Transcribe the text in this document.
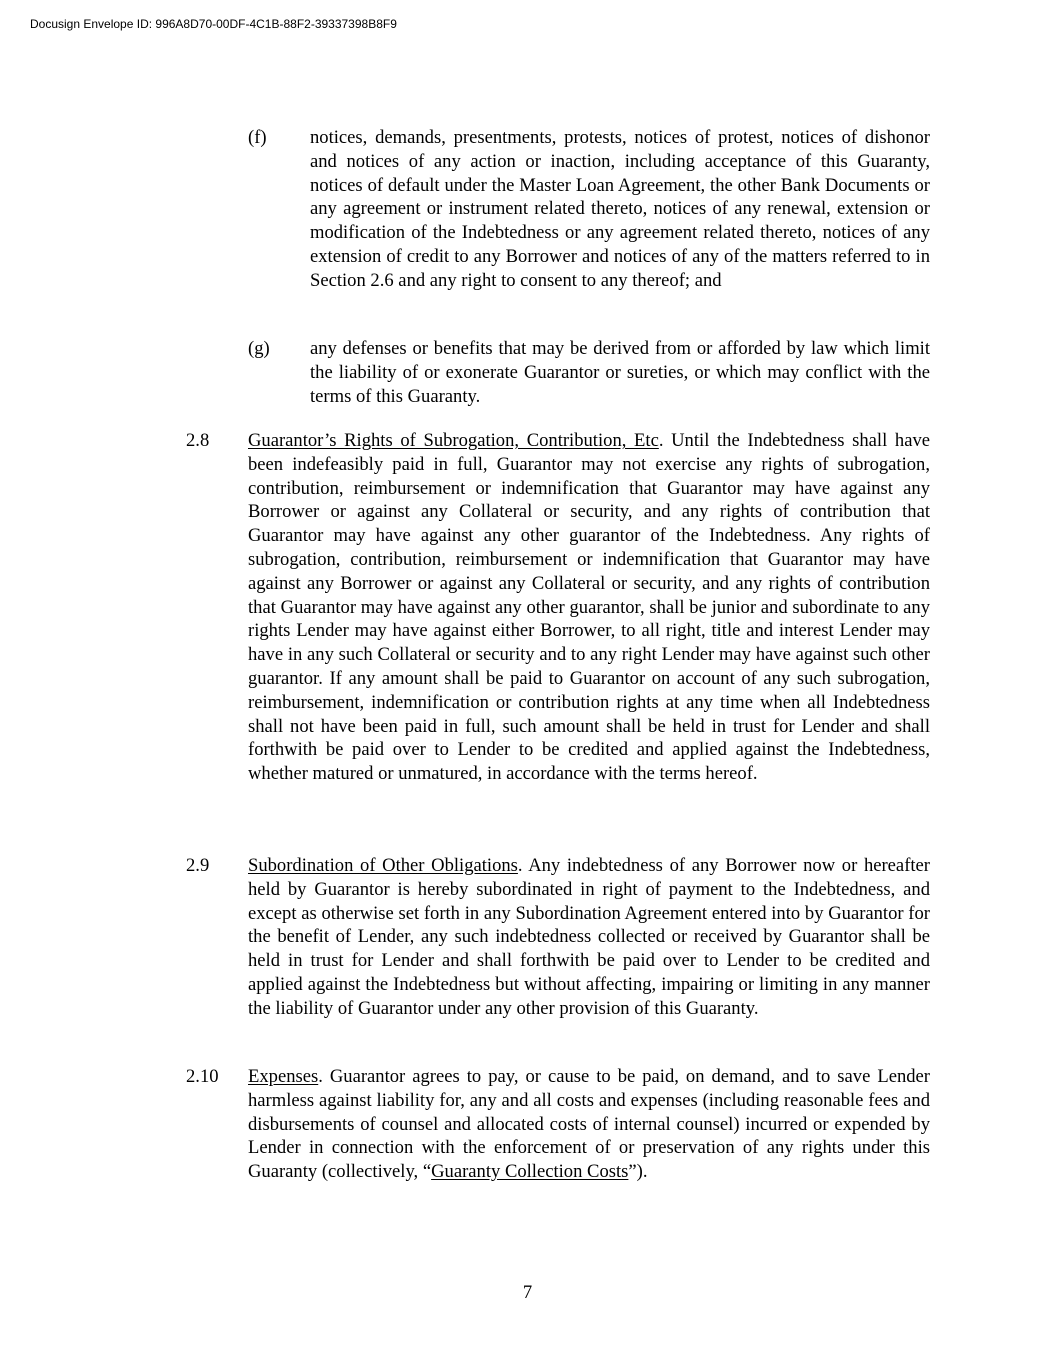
Docusign Envelope ID: 996A8D70-00DF-4C1B-88F2-39337398B8F9
(f) notices, demands, presentments, protests, notices of protest, notices of dishonor and notices of any action or inaction, including acceptance of this Guaranty, notices of default under the Master Loan Agreement, the other Bank Documents or any agreement or instrument related thereto, notices of any renewal, extension or modification of the Indebtedness or any agreement related thereto, notices of any extension of credit to any Borrower and notices of any of the matters referred to in Section 2.6 and any right to consent to any thereof; and
(g) any defenses or benefits that may be derived from or afforded by law which limit the liability of or exonerate Guarantor or sureties, or which may conflict with the terms of this Guaranty.
2.8 Guarantor’s Rights of Subrogation, Contribution, Etc. Until the Indebtedness shall have been indefeasibly paid in full, Guarantor may not exercise any rights of subrogation, contribution, reimbursement or indemnification that Guarantor may have against any Borrower or against any Collateral or security, and any rights of contribution that Guarantor may have against any other guarantor of the Indebtedness. Any rights of subrogation, contribution, reimbursement or indemnification that Guarantor may have against any Borrower or against any Collateral or security, and any rights of contribution that Guarantor may have against any other guarantor, shall be junior and subordinate to any rights Lender may have against either Borrower, to all right, title and interest Lender may have in any such Collateral or security and to any right Lender may have against such other guarantor. If any amount shall be paid to Guarantor on account of any such subrogation, reimbursement, indemnification or contribution rights at any time when all Indebtedness shall not have been paid in full, such amount shall be held in trust for Lender and shall forthwith be paid over to Lender to be credited and applied against the Indebtedness, whether matured or unmatured, in accordance with the terms hereof.
2.9 Subordination of Other Obligations. Any indebtedness of any Borrower now or hereafter held by Guarantor is hereby subordinated in right of payment to the Indebtedness, and except as otherwise set forth in any Subordination Agreement entered into by Guarantor for the benefit of Lender, any such indebtedness collected or received by Guarantor shall be held in trust for Lender and shall forthwith be paid over to Lender to be credited and applied against the Indebtedness but without affecting, impairing or limiting in any manner the liability of Guarantor under any other provision of this Guaranty.
2.10 Expenses. Guarantor agrees to pay, or cause to be paid, on demand, and to save Lender harmless against liability for, any and all costs and expenses (including reasonable fees and disbursements of counsel and allocated costs of internal counsel) incurred or expended by Lender in connection with the enforcement of or preservation of any rights under this Guaranty (collectively, “Guaranty Collection Costs”).
7
